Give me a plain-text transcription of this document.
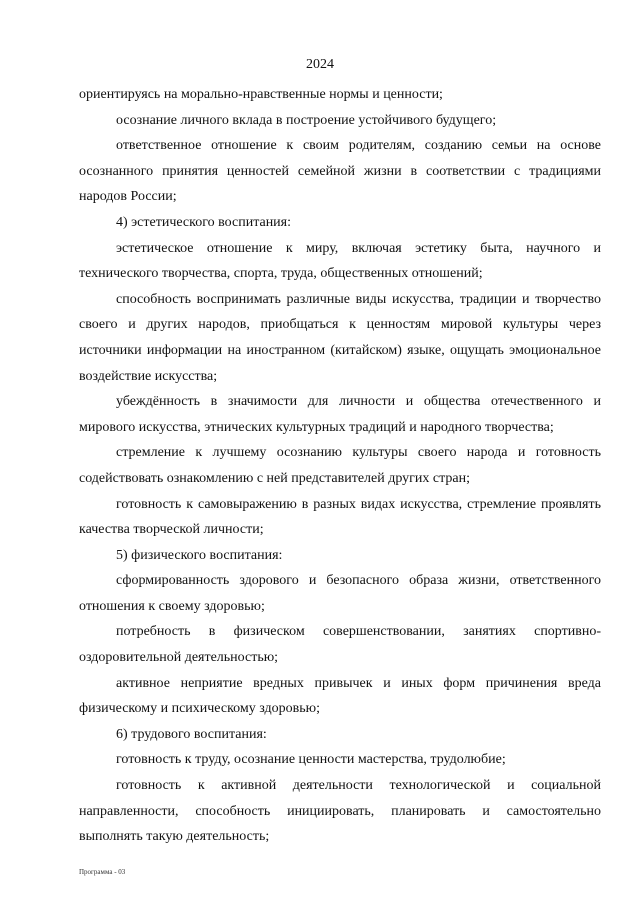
2024

ориентируясь на морально-нравственные нормы и ценности;

осознание личного вклада в построение устойчивого будущего;

ответственное отношение к своим родителям, созданию семьи на основе осознанного принятия ценностей семейной жизни в соответствии с традициями народов России;

4) эстетического воспитания:

эстетическое отношение к миру, включая эстетику быта, научного и технического творчества, спорта, труда, общественных отношений;

способность воспринимать различные виды искусства, традиции и творчество своего и других народов, приобщаться к ценностям мировой культуры через источники информации на иностранном (китайском) языке, ощущать эмоциональное воздействие искусства;

убеждённость в значимости для личности и общества отечественного и мирового искусства, этнических культурных традиций и народного творчества;

стремление к лучшему осознанию культуры своего народа и готовность содействовать ознакомлению с ней представителей других стран;

готовность к самовыражению в разных видах искусства, стремление проявлять качества творческой личности;

5) физического воспитания:

сформированность здорового и безопасного образа жизни, ответственного отношения к своему здоровью;

потребность в физическом совершенствовании, занятиях спортивно-оздоровительной деятельностью;

активное неприятие вредных привычек и иных форм причинения вреда физическому и психическому здоровью;

6) трудового воспитания:

готовность к труду, осознание ценности мастерства, трудолюбие;

готовность к активной деятельности технологической и социальной направленности, способность инициировать, планировать и самостоятельно выполнять такую деятельность;

Программа - 03
